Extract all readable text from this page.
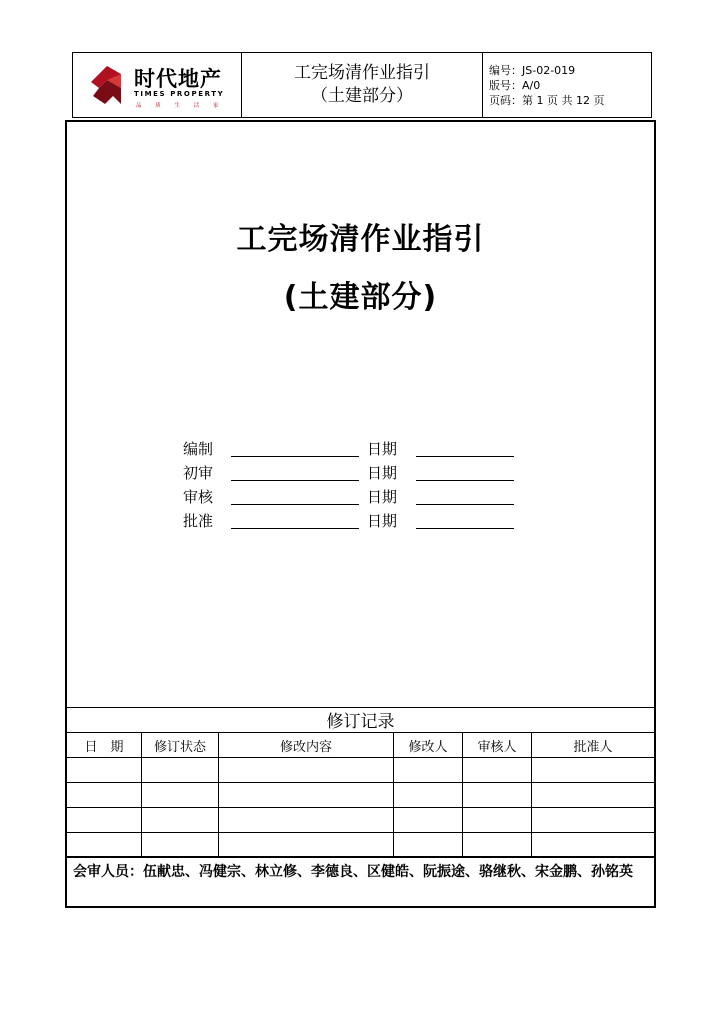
时代地产
TIMES PROPERTY
品 质 生 活 家

工完场清作业指引
（土建部分）

编号：JS-02-019
版号：A/0
页码：第 1 页 共 12 页
工完场清作业指引
(土建部分)
编制	日期
初审	日期
审核	日期
批准	日期
修订记录					
日　期	修订状态	修改内容	修改人	审核人	批准人

会审人员：伍献忠、冯健宗、林立修、李德良、区健皓、阮振途、骆继秋、宋金鹏、孙铭英
